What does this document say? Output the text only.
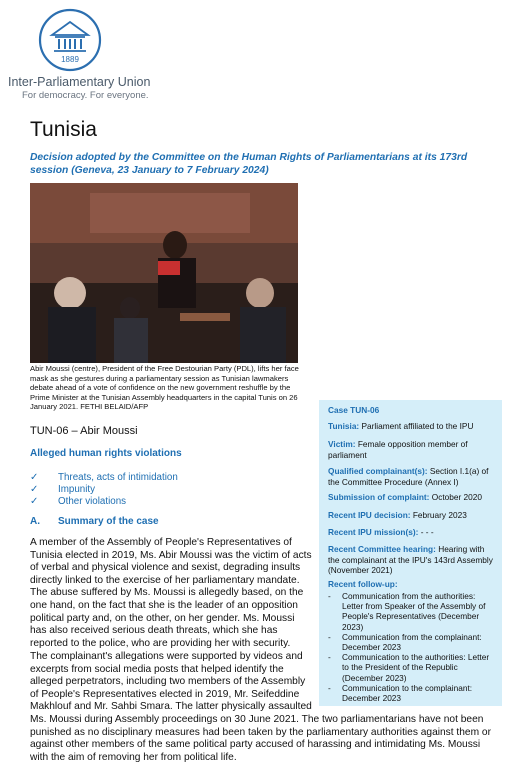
1889
Inter-Parliamentary Union
For democracy. For everyone.
Tunisia
Decision adopted by the Committee on the Human Rights of Parliamentarians at its 173rd session (Geneva, 23 January to 7 February 2024)
Abir Moussi (centre), President of the Free Destourian Party (PDL), lifts her face mask as she gestures during a parliamentary session as Tunisian lawmakers debate ahead of a vote of confidence on the new government reshuffle by the Prime Minister at the Tunisian Assembly headquarters in the capital Tunis on 26 January 2021. FETHI BELAID/AFP	Case TUN-06
Tunisia: Parliament affiliated to the IPU
Victim: Female opposition member of parliament
Qualified complainant(s): Section I.1(a) of the Committee Procedure (Annex I)
Submission of complaint: October 2020
Recent IPU decision: February 2023
Recent IPU mission(s): - - -
Recent Committee hearing: Hearing with the complainant at the IPU's 143rd Assembly (November 2021)
Recent follow-up:
- Communication from the authorities: Letter from Speaker of the Assembly of People's Representatives (December 2023)
- Communication from the complainant: December 2023
- Communication to the authorities: Letter to the President of the Republic (December 2023)
- Communication to the complainant: December 2023
TUN-06 – Abir Moussi
Alleged human rights violations
✓ Threats, acts of intimidation
✓ Impunity
✓ Other violations
A. Summary of the case
A member of the Assembly of People's Representatives of Tunisia elected in 2019, Ms. Abir Moussi was the victim of acts of verbal and physical violence and sexist, degrading insults directly linked to the exercise of her parliamentary mandate. The abuse suffered by Ms. Moussi is allegedly based, on the one hand, on the fact that she is the leader of an opposition political party and, on the other, on her gender. Ms. Moussi has also received serious death threats, which she has reported to the police, who are providing her with security.
The complainant's allegations were supported by videos and excerpts from social media posts that helped identify the alleged perpetrators, including two members of the Assembly of People's Representatives elected in 2019, Mr. Seifeddine Makhlouf and Mr. Sahbi Smara. The latter physically assaulted
Ms. Moussi during Assembly proceedings on 30 June 2021. The two parliamentarians have not been punished as no disciplinary measures had been taken by the parliamentary authorities against them or against other members of the same political party accused of harassing and intimidating Ms. Moussi with the aim of removing her from political life.
